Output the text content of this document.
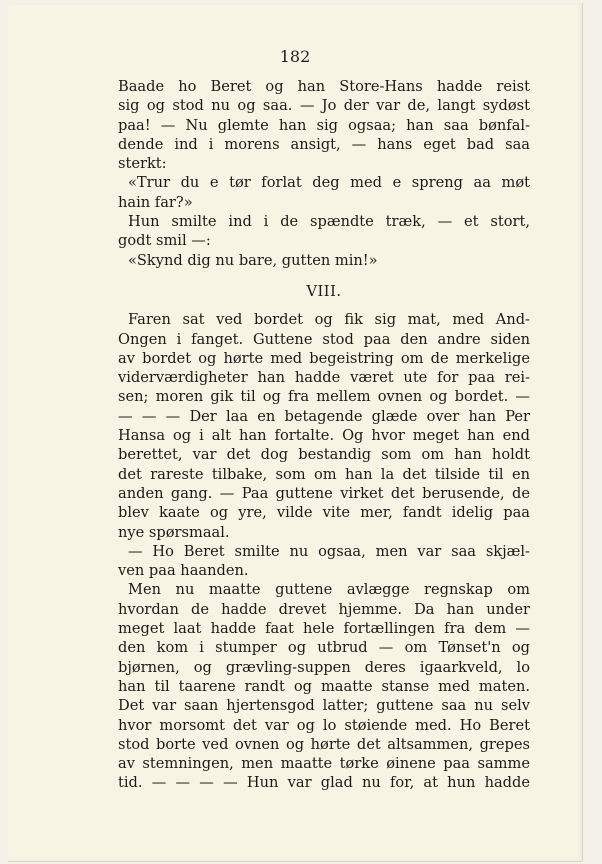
182
Baade ho Beret og han Store-Hans hadde reist
sig og stod nu og saa. — Jo der var de, langt sydøst
paa! — Nu glemte han sig ogsaa; han saa bønfal-
dende ind i morens ansigt, — hans eget bad saa
sterkt:
«Trur du e tør forlat deg med e spreng aa møt
hain far?»
Hun smilte ind i de spændte træk, — et stort,
godt smil —:
«Skynd dig nu bare, gutten min!»
VIII.
Faren sat ved bordet og fik sig mat, med And-
Ongen i fanget. Guttene stod paa den andre siden
av bordet og hørte med begeistring om de merkelige
viderværdigheter han hadde været ute for paa rei-
sen; moren gik til og fra mellem ovnen og bordet. —
— — — Der laa en betagende glæde over han Per
Hansa og i alt han fortalte. Og hvor meget han end
berettet, var det dog bestandig som om han holdt
det rareste tilbake, som om han la det tilside til en
anden gang. — Paa guttene virket det berusende, de
blev kaate og yre, vilde vite mer, fandt idelig paa
nye spørsmaal.
— Ho Beret smilte nu ogsaa, men var saa skjæl-
ven paa haanden.
Men nu maatte guttene avlægge regnskap om
hvordan de hadde drevet hjemme. Da han under
meget laat hadde faat hele fortællingen fra dem —
den kom i stumper og utbrud — om Tønset'n og
bjørnen, og grævling-suppen deres igaarkveld, lo
han til taarene randt og maatte stanse med maten.
Det var saan hjertensgod latter; guttene saa nu selv
hvor morsomt det var og lo støiende med. Ho Beret
stod borte ved ovnen og hørte det altsammen, grepes
av stemningen, men maatte tørke øinene paa samme
tid. — — — — Hun var glad nu for, at hun hadde
